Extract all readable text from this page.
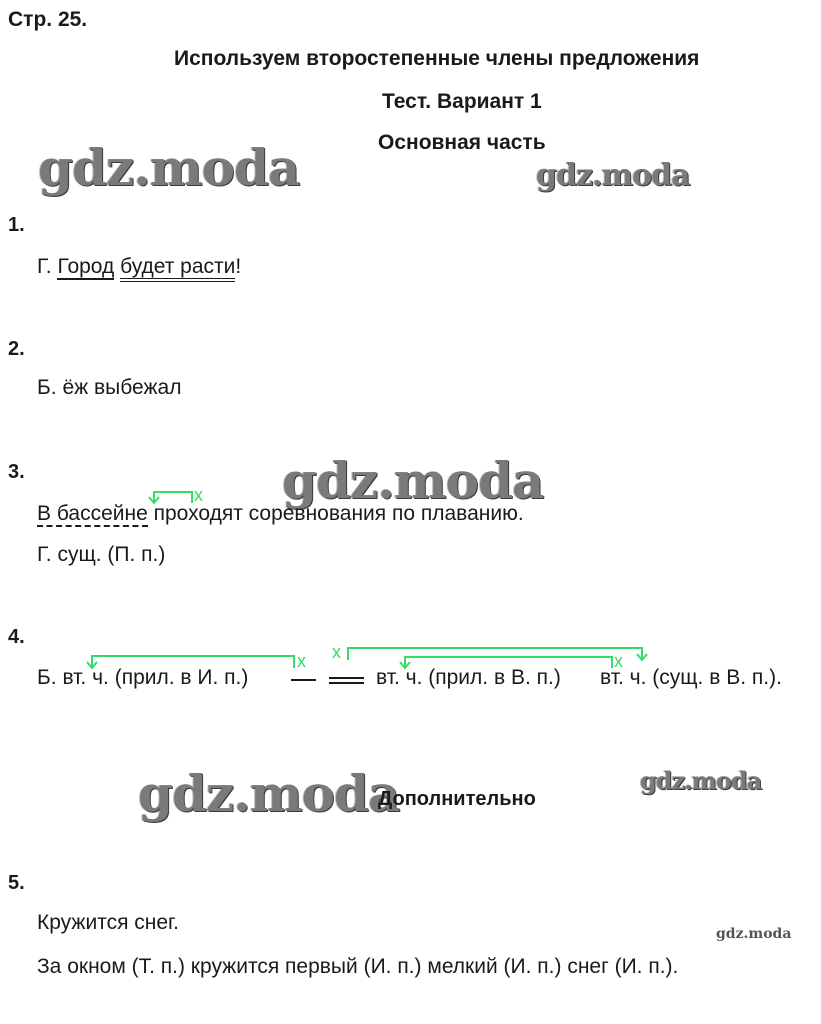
Стр. 25.
Используем второстепенные члены предложения
Тест. Вариант 1
Основная часть
gdz.moda	gdz.moda
gdz.moda
gdz.moda	gdz.moda
gdz.moda
1.
Г. Город будет расти!
2.
Б. ёж выбежал
3.
х
В бассейне проходят соревнования по плаванию.
Г. сущ. (П. п.)
4.
х х	х
Б. вт. ч. (прил. в И. п.)	вт. ч. (прил. в В. п.) вт. ч. (сущ. в В. п.).
Дополнительно
5.
Кружится снег.
За окном (Т. п.) кружится первый (И. п.) мелкий (И. п.) снег (И. п.).
